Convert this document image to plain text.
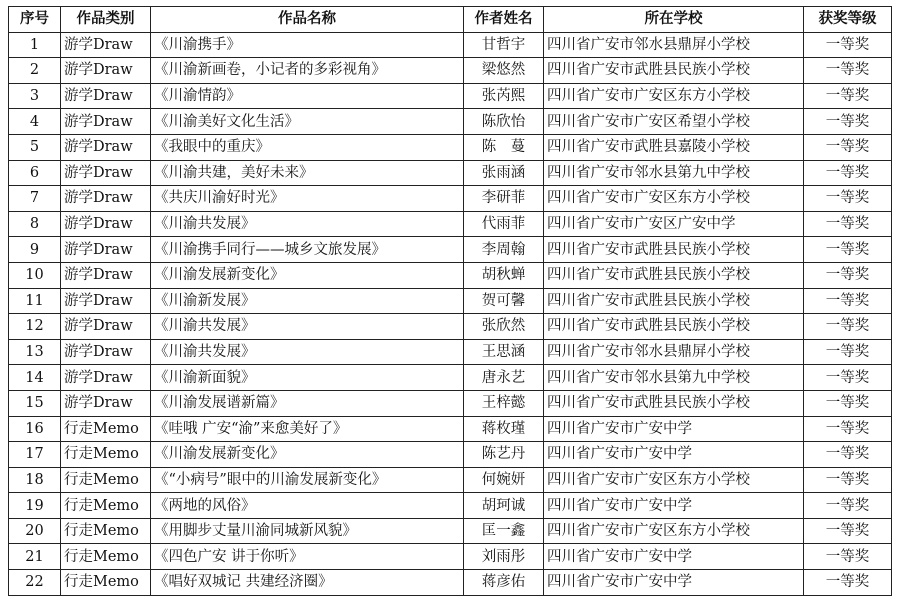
序号	作品类别	作品名称	作者姓名	所在学校	获奖等级
1	游学Draw	《川渝携手》	甘哲宇	四川省广安市邻水县鼎屏小学校	一等奖
2	游学Draw	《川渝新画卷，小记者的多彩视角》	梁悠然	四川省广安市武胜县民族小学校	一等奖
3	游学Draw	《川渝情韵》	张芮熙	四川省广安市广安区东方小学校	一等奖
4	游学Draw	《川渝美好文化生活》	陈欣怡	四川省广安市广安区希望小学校	一等奖
5	游学Draw	《我眼中的重庆》	陈　蔓	四川省广安市武胜县嘉陵小学校	一等奖
6	游学Draw	《川渝共建，美好未来》	张雨涵	四川省广安市邻水县第九中学校	一等奖
7	游学Draw	《共庆川渝好时光》	李研菲	四川省广安市广安区东方小学校	一等奖
8	游学Draw	《川渝共发展》	代雨菲	四川省广安市广安区广安中学	一等奖
9	游学Draw	《川渝携手同行——城乡文旅发展》	李周翰	四川省广安市武胜县民族小学校	一等奖
10	游学Draw	《川渝发展新变化》	胡秋蝉	四川省广安市武胜县民族小学校	一等奖
11	游学Draw	《川渝新发展》	贺可馨	四川省广安市武胜县民族小学校	一等奖
12	游学Draw	《川渝共发展》	张欣然	四川省广安市武胜县民族小学校	一等奖
13	游学Draw	《川渝共发展》	王思涵	四川省广安市邻水县鼎屏小学校	一等奖
14	游学Draw	《川渝新面貌》	唐永艺	四川省广安市邻水县第九中学校	一等奖
15	游学Draw	《川渝发展谱新篇》	王梓懿	四川省广安市武胜县民族小学校	一等奖
16	行走Memo	《哇哦 广安“渝”来愈美好了》	蒋枚瑾	四川省广安市广安中学	一等奖
17	行走Memo	《川渝发展新变化》	陈艺丹	四川省广安市广安中学	一等奖
18	行走Memo	《“小病号”眼中的川渝发展新变化》	何婉妍	四川省广安市广安区东方小学校	一等奖
19	行走Memo	《两地的风俗》	胡珂诚	四川省广安市广安中学	一等奖
20	行走Memo	《用脚步丈量川渝同城新风貌》	匡一鑫	四川省广安市广安区东方小学校	一等奖
21	行走Memo	《四色广安 讲于你听》	刘雨彤	四川省广安市广安中学	一等奖
22	行走Memo	《唱好双城记 共建经济圈》	蒋彦佑	四川省广安市广安中学	一等奖
